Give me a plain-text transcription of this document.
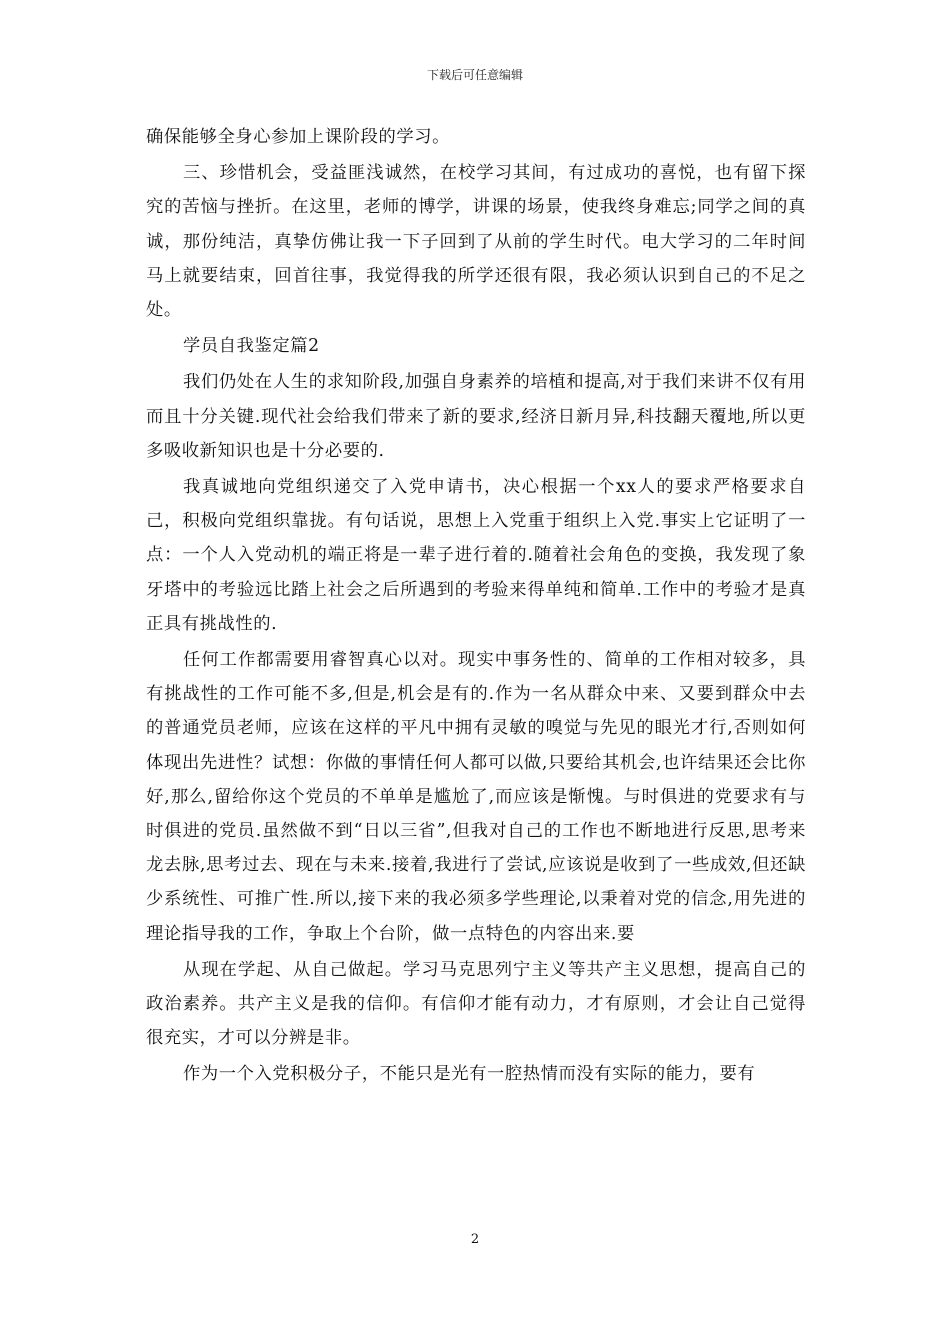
下载后可任意编辑

确保能够全身心参加上课阶段的学习。

三、珍惜机会，受益匪浅诚然，在校学习其间，有过成功的喜悦，也有留下探究的苦恼与挫折。在这里，老师的博学，讲课的场景，使我终身难忘;同学之间的真诚，那份纯洁，真挚仿佛让我一下子回到了从前的学生时代。电大学习的二年时间马上就要结束，回首往事，我觉得我的所学还很有限，我必须认识到自己的不足之处。

学员自我鉴定篇2

我们仍处在人生的求知阶段,加强自身素养的培植和提高,对于我们来讲不仅有用而且十分关键.现代社会给我们带来了新的要求,经济日新月异,科技翻天覆地,所以更多吸收新知识也是十分必要的.

我真诚地向党组织递交了入党申请书，决心根据一个xx人的要求严格要求自己，积极向党组织靠拢。有句话说，思想上入党重于组织上入党.事实上它证明了一点：一个人入党动机的端正将是一辈子进行着的.随着社会角色的变换，我发现了象牙塔中的考验远比踏上社会之后所遇到的考验来得单纯和简单.工作中的考验才是真正具有挑战性的.

任何工作都需要用睿智真心以对。现实中事务性的、简单的工作相对较多，具有挑战性的工作可能不多,但是,机会是有的.作为一名从群众中来、又要到群众中去的普通党员老师，应该在这样的平凡中拥有灵敏的嗅觉与先见的眼光才行,否则如何体现出先进性？试想：你做的事情任何人都可以做,只要给其机会,也许结果还会比你好,那么,留给你这个党员的不单单是尴尬了,而应该是惭愧。与时俱进的党要求有与时俱进的党员.虽然做不到“日以三省”,但我对自己的工作也不断地进行反思,思考来龙去脉,思考过去、现在与未来.接着,我进行了尝试,应该说是收到了一些成效,但还缺少系统性、可推广性.所以,接下来的我必须多学些理论,以秉着对党的信念,用先进的理论指导我的工作，争取上个台阶，做一点特色的内容出来.要

从现在学起、从自己做起。学习马克思列宁主义等共产主义思想，提高自己的政治素养。共产主义是我的信仰。有信仰才能有动力，才有原则，才会让自己觉得很充实，才可以分辨是非。

作为一个入党积极分子，不能只是光有一腔热情而没有实际的能力，要有

2
